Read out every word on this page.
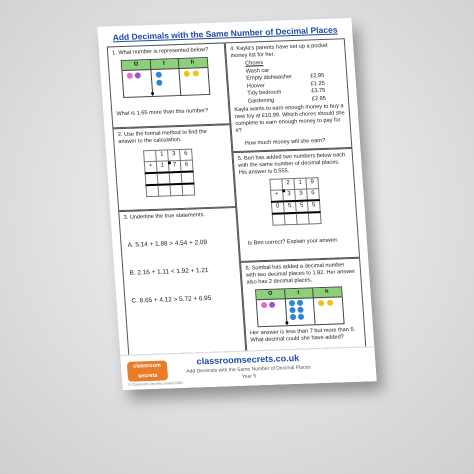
Add Decimals with the Same Number of Decimal Places
1. What number is represented below?
O	t	h
What is 1.65 more than this number?
4. Kayla's parents have set up a pocket money list for her.
Chores
Wash car
Empty dishwasher	£2.95
Hoover	£1.25
Tidy bedroom	£3.75
Gardening	£2.95
Kayla wants to earn enough money to buy a new toy at £10.99. Which chores should she complete to earn enough money to pay for it?
How much money will she earn?
2. Use the formal method to find the answer to the calculation.
	1	3	6
+	1	7	6

5. Ben has added two numbers below each with the same number of decimal places. His answer is 0.555.
	2	1	9
+	3	3	6
0	5	5	5

Is Ben correct? Explain your answer.
3. Underline the true statements.
A. 5.14 + 1.88 > 4.54 + 2.09
B. 2.16 + 1.11 < 1.92 + 1.21
C. 8.65 + 4.12 > 5.72 + 6.95
6. Sombal has added a decimal number with two decimal places to 1.82. Her answer also has 2 decimal places.
O	t	h
Her answer is less than 7 but more than 5. What decimal could she have added?
classroom
secrets
classroomsecrets.co.uk
Add Decimals with the Same Number of Decimal Places
Year 5
© Classroom Secrets Limited 2020
